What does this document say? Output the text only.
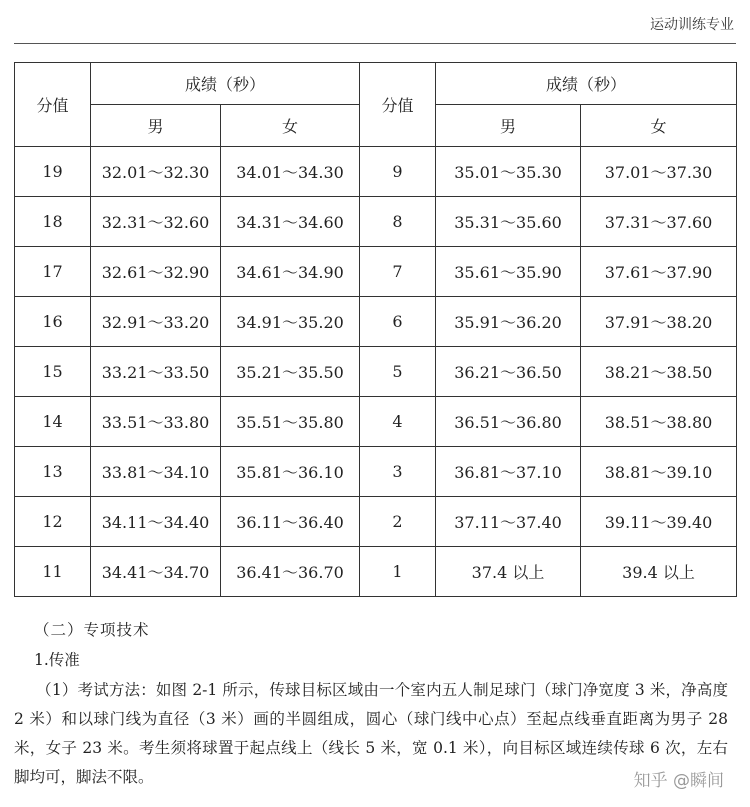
运动训练专业
分值	成绩（秒）		分值	成绩（秒）	
	男	女		男	女
19	32.01～32.30	34.01～34.30	9	35.01～35.30	37.01～37.30
18	32.31～32.60	34.31～34.60	8	35.31～35.60	37.31～37.60
17	32.61～32.90	34.61～34.90	7	35.61～35.90	37.61～37.90
16	32.91～33.20	34.91～35.20	6	35.91～36.20	37.91～38.20
15	33.21～33.50	35.21～35.50	5	36.21～36.50	38.21～38.50
14	33.51～33.80	35.51～35.80	4	36.51～36.80	38.51～38.80
13	33.81～34.10	35.81～36.10	3	36.81～37.10	38.81～39.10
12	34.11～34.40	36.11～36.40	2	37.11～37.40	39.11～39.40
11	34.41～34.70	36.41～36.70	1	37.4 以上	39.4 以上
（二）专项技术
1.传准
（1）考试方法：如图 2-1 所示，传球目标区域由一个室内五人制足球门（球门净宽度 3 米，净高度 2 米）和以球门线为直径（3 米）画的半圆组成，圆心（球门线中心点）至起点线垂直距离为男子 28 米，女子 23 米。考生须将球置于起点线上（线长 5 米，宽 0.1 米），向目标区域连续传球 6 次，左右脚均可，脚法不限。	知乎 @瞬间
